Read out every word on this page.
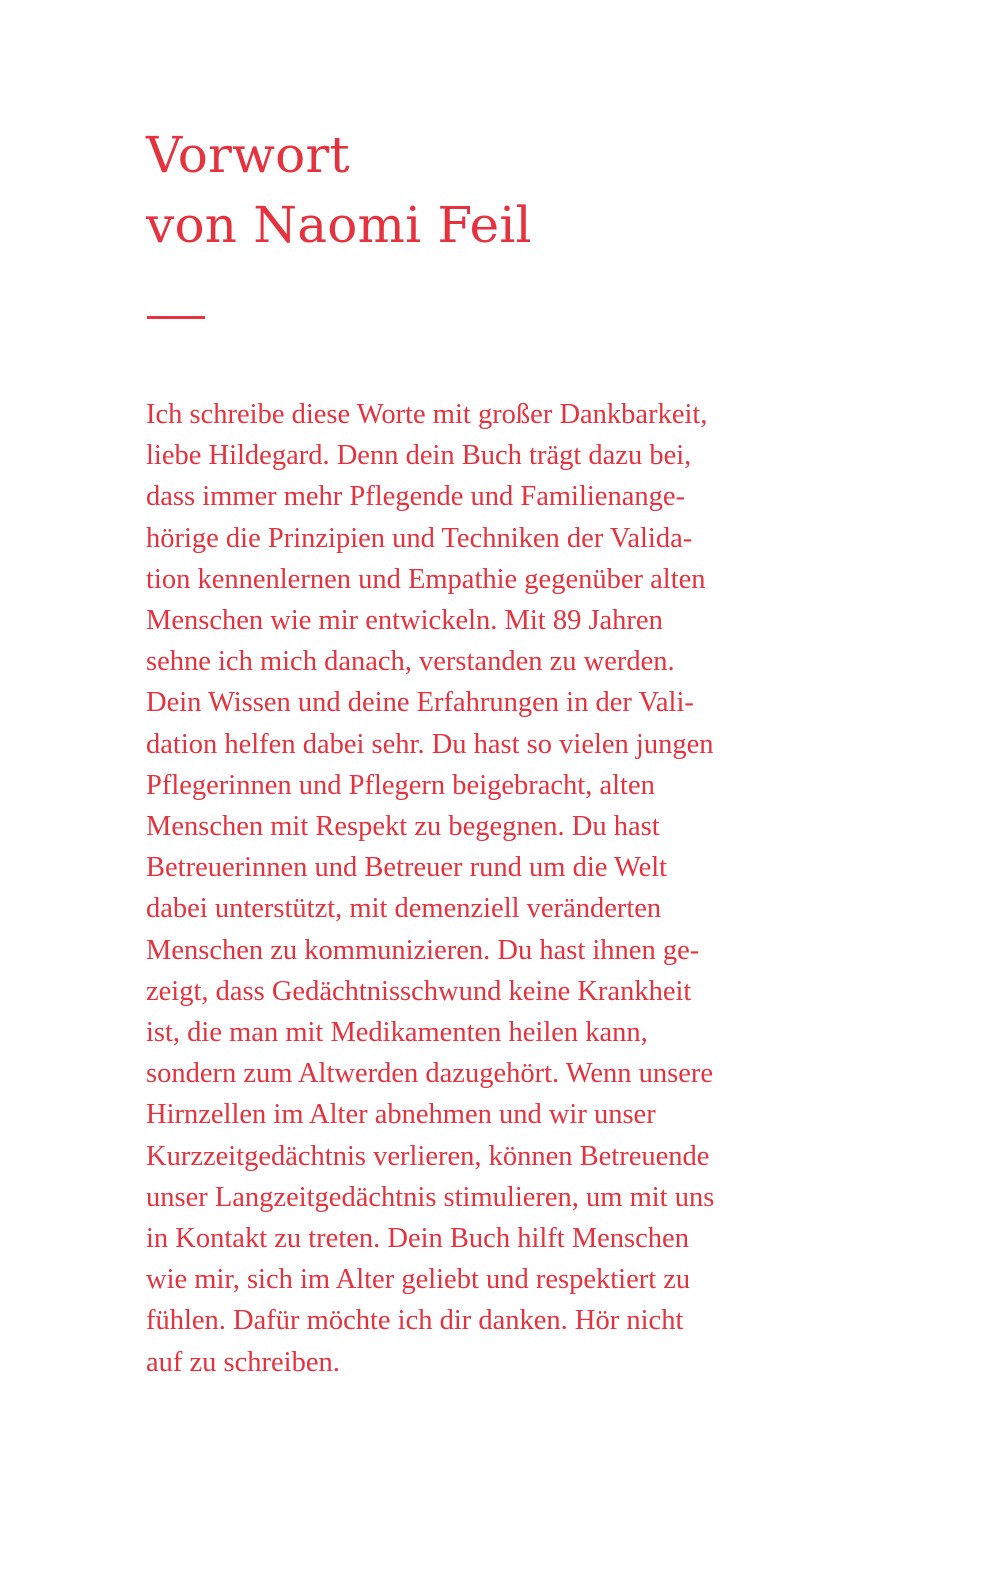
Vorwort
von Naomi Feil
Ich schreibe diese Worte mit großer Dankbarkeit,
liebe Hildegard. Denn dein Buch trägt dazu bei,
dass immer mehr Pflegende und Familienange-
hörige die Prinzipien und Techniken der Valida-
tion kennenlernen und Empathie gegenüber alten
Menschen wie mir entwickeln. Mit 89 Jahren
sehne ich mich danach, verstanden zu werden.
Dein Wissen und deine Erfahrungen in der Vali-
dation helfen dabei sehr. Du hast so vielen jungen
Pflegerinnen und Pflegern beigebracht, alten
Menschen mit Respekt zu begegnen. Du hast
Betreuerinnen und Betreuer rund um die Welt
dabei unterstützt, mit demenziell veränderten
Menschen zu kommunizieren. Du hast ihnen ge-
zeigt, dass Gedächtnisschwund keine Krankheit
ist, die man mit Medikamenten heilen kann,
sondern zum Altwerden dazugehört. Wenn unsere
Hirnzellen im Alter abnehmen und wir unser
Kurzzeitgedächtnis verlieren, können Betreuende
unser Langzeitgedächtnis stimulieren, um mit uns
in Kontakt zu treten. Dein Buch hilft Menschen
wie mir, sich im Alter geliebt und respektiert zu
fühlen. Dafür möchte ich dir danken. Hör nicht
auf zu schreiben.
